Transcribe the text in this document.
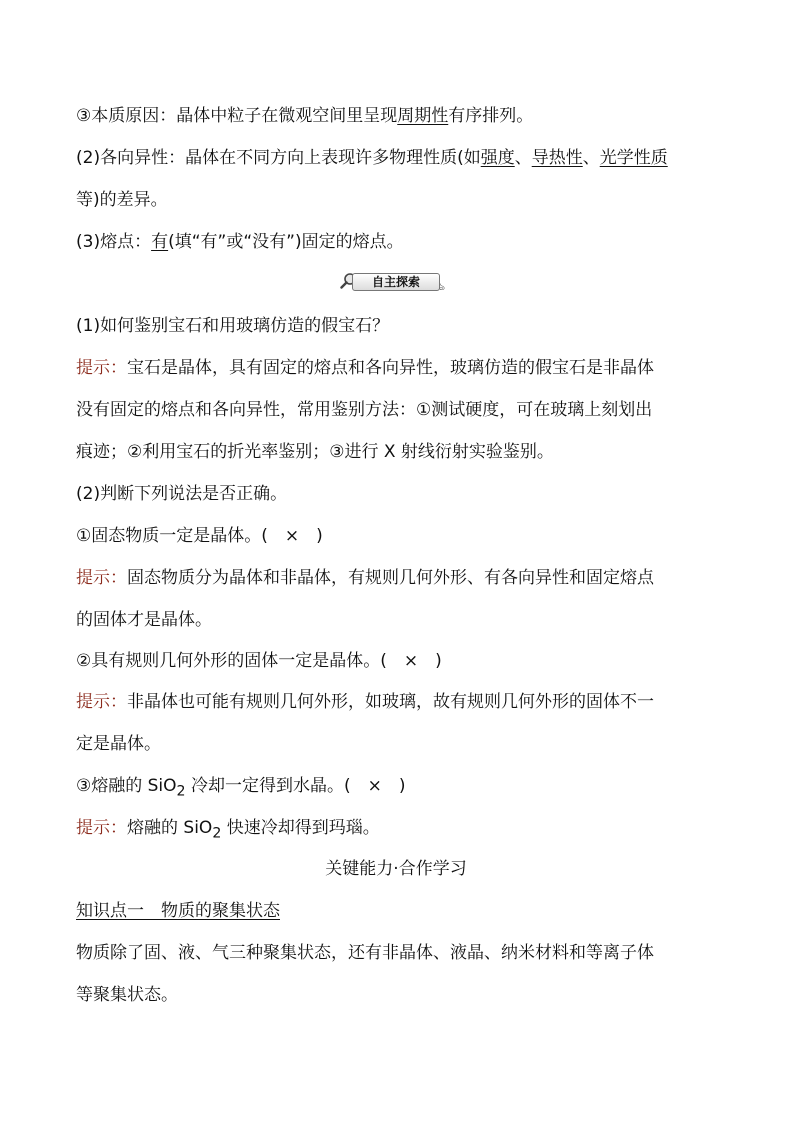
③本质原因：晶体中粒子在微观空间里呈现周期性有序排列。
(2)各向异性：晶体在不同方向上表现许多物理性质(如强度、导热性、光学性质
等)的差异。
(3)熔点：有(填“有”或“没有”)固定的熔点。
自主探索	ঌ
(1)如何鉴别宝石和用玻璃仿造的假宝石？
提示：宝石是晶体，具有固定的熔点和各向异性，玻璃仿造的假宝石是非晶体
没有固定的熔点和各向异性，常用鉴别方法：①测试硬度，可在玻璃上刻划出
痕迹；②利用宝石的折光率鉴别；③进行 X 射线衍射实验鉴别。
(2)判断下列说法是否正确。
①固态物质一定是晶体。(　×　)
提示：固态物质分为晶体和非晶体，有规则几何外形、有各向异性和固定熔点
的固体才是晶体。
②具有规则几何外形的固体一定是晶体。(　×　)
提示：非晶体也可能有规则几何外形，如玻璃，故有规则几何外形的固体不一
定是晶体。
③熔融的 SiO$_2$ 冷却一定得到水晶。(　×　)
提示：熔融的 SiO$_2$ 快速冷却得到玛瑙。
关键能力·合作学习
知识点一　物质的聚集状态
物质除了固、液、气三种聚集状态，还有非晶体、液晶、纳米材料和等离子体
等聚集状态。
